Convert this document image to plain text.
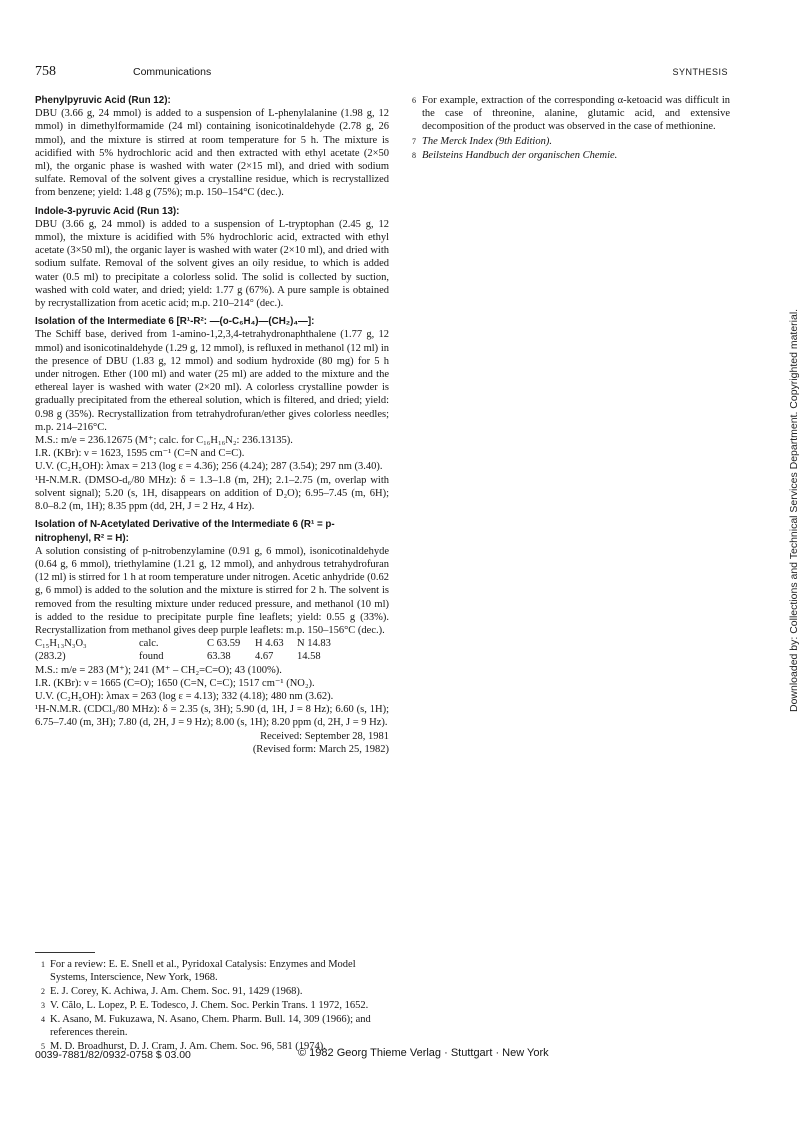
758	Communications	SYNTHESIS

Phenylpyruvic Acid (Run 12):

DBU (3.66 g, 24 mmol) is added to a suspension of L-phenylalanine (1.98 g, 12 mmol) in dimethylformamide (24 ml) containing isonicotinaldehyde (2.78 g, 26 mmol), and the mixture is stirred at room temperature for 5 h. The mixture is acidified with 5% hydrochloric acid and then extracted with ethyl acetate (2×50 ml), the organic phase is washed with water (2×15 ml), and dried with sodium sulfate. Removal of the solvent gives a crystalline residue, which is recrystallized from benzene; yield: 1.48 g (75%); m.p. 150–154°C (dec.).

Indole-3-pyruvic Acid (Run 13):

DBU (3.66 g, 24 mmol) is added to a suspension of L-tryptophan (2.45 g, 12 mmol), the mixture is acidified with 5% hydrochloric acid, extracted with ethyl acetate (3×50 ml), the organic layer is washed with water (2×10 ml), and dried with sodium sulfate. Removal of the solvent gives an oily residue, to which is added water (0.5 ml) to precipitate a colorless solid. The solid is collected by suction, washed with cold water, and dried; yield: 1.77 g (67%). A pure sample is obtained by recrystallization from acetic acid; m.p. 210–214° (dec.).

Isolation of the Intermediate 6 [R¹-R²: —(o-C₆H₄)—(CH₂)₄—]:

The Schiff base, derived from 1-amino-1,2,3,4-tetrahydronaphthalene (1.77 g, 12 mmol) and isonicotinaldehyde (1.29 g, 12 mmol), is refluxed in methanol (12 ml) in the presence of DBU (1.83 g, 12 mmol) and sodium hydroxide (80 mg) for 5 h under nitrogen. Ether (100 ml) and water (25 ml) are added to the mixture and the ethereal layer is washed with water (2×20 ml). A colorless crystalline powder is gradually precipitated from the ethereal solution, which is filtered, and dried; yield: 0.98 g (35%). Recrystallization from tetrahydrofuran/ether gives colorless needles; m.p. 214–216°C.

M.S.: m/e = 236.12675 (M⁺; calc. for C₁₆H₁₆N₂: 236.13135).

I.R. (KBr): ν = 1623, 1595 cm⁻¹ (C=N and C=C).

U.V. (C₂H₅OH): λmax = 213 (log ε = 4.36); 256 (4.24); 287 (3.54); 297 nm (3.40).

¹H-N.M.R. (DMSO-d₆/80 MHz): δ = 1.3–1.8 (m, 2H); 2.1–2.75 (m, overlap with solvent signal); 5.20 (s, 1H, disappears on addition of D₂O); 6.95–7.45 (m, 6H); 8.0–8.2 (m, 1H); 8.35 ppm (dd, 2H, J = 2 Hz, 4 Hz).

Isolation of N-Acetylated Derivative of the Intermediate 6 (R¹ = p-nitrophenyl, R² = H):

A solution consisting of p-nitrobenzylamine (0.91 g, 6 mmol), isonicotinaldehyde (0.64 g, 6 mmol), triethylamine (1.21 g, 12 mmol), and anhydrous tetrahydrofuran (12 ml) is stirred for 1 h at room temperature under nitrogen. Acetic anhydride (0.62 g, 6 mmol) is added to the solution and the mixture is stirred for 2 h. The solvent is removed from the resulting mixture under reduced pressure, and methanol (10 ml) is added to the residue to precipitate purple fine leaflets; yield: 0.55 g (33%). Recrystallization from methanol gives deep purple leaflets: m.p. 150–156°C (dec.).

C₁₅H₁₃N₃O₃	calc.	C 63.59	H 4.63	N 14.83
(283.2)	found	63.38	4.67	14.58

M.S.: m/e = 283 (M⁺); 241 (M⁺ – CH₂=C=O); 43 (100%).

I.R. (KBr): ν = 1665 (C=O); 1650 (C=N, C=C); 1517 cm⁻¹ (NO₂).

U.V. (C₂H₅OH): λmax = 263 (log ε = 4.13); 332 (4.18); 480 nm (3.62).

¹H-N.M.R. (CDCl₃/80 MHz): δ = 2.35 (s, 3H); 5.90 (d, 1H, J = 8 Hz); 6.60 (s, 1H); 6.75–7.40 (m, 3H); 7.80 (d, 2H, J = 9 Hz); 8.00 (s, 1H); 8.20 ppm (d, 2H, J = 9 Hz).

Received: September 28, 1981

(Revised form: March 25, 1982)

6 For example, extraction of the corresponding α-ketoacid was difficult in the case of threonine, alanine, glutamic acid, and extensive decomposition of the product was observed in the case of methionine.
7 The Merck Index (9th Edition).
8 Beilsteins Handbuch der organischen Chemie.
1 For a review: E. E. Snell et al., Pyridoxal Catalysis: Enzymes and Model Systems, Interscience, New York, 1968.
2 E. J. Corey, K. Achiwa, J. Am. Chem. Soc. 91, 1429 (1968).
3 V. Călo, L. Lopez, P. E. Todesco, J. Chem. Soc. Perkin Trans. 1 1972, 1652.
4 K. Asano, M. Fukuzawa, N. Asano, Chem. Pharm. Bull. 14, 309 (1966); and references therein.
5 M. D. Broadhurst, D. J. Cram, J. Am. Chem. Soc. 96, 581 (1974).
0039-7881/82/0932-0758 $ 03.00	© 1982 Georg Thieme Verlag · Stuttgart · New York
Downloaded by: Collections and Technical Services Department. Copyrighted material.
